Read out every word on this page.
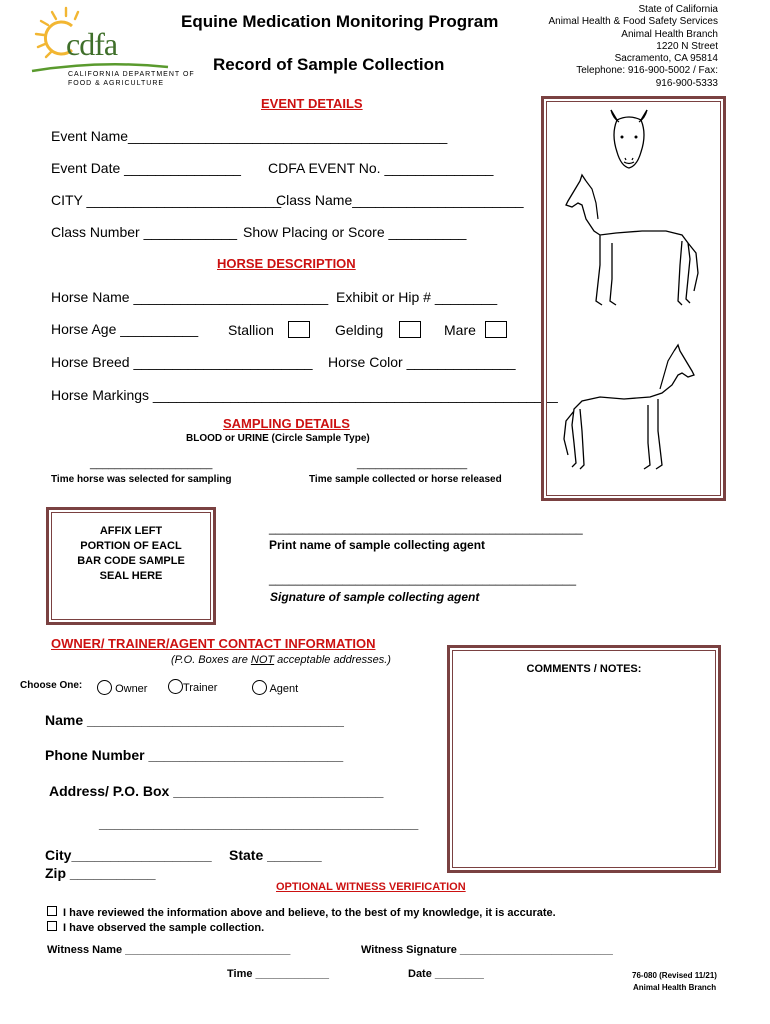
cdfa
CALIFORNIA DEPARTMENT OF
FOOD & AGRICULTURE
Equine Medication Monitoring Program
Record of Sample Collection
State of California
Animal Health & Food Safety Services
Animal Health Branch
1220 N Street
Sacramento, CA 95814
Telephone: 916-900-5002 / Fax:
916-900-5333
EVENT DETAILS
Event Name_________________________________________
Event Date _______________ CDFA EVENT No. ______________
CITY _________________________
Class Name______________________
Class Number ____________ Show Placing or Score __________
HORSE DESCRIPTION
Horse Name _________________________ Exhibit or Hip # ________
Horse Age __________ Stallion	Gelding	Mare
Horse Breed _______________________ Horse Color ______________
Horse Markings ____________________________________________________
SAMPLING DETAILS
BLOOD or URINE (Circle Sample Type)
____________________	__________________
Time horse was selected for sampling	Time sample collected or horse released
AFFIX LEFT
PORTION OF EACL
BAR CODE SAMPLE
SEAL HERE
_______________________________________________
Print name of sample collecting agent
______________________________________________
Signature of sample collecting agent
OWNER/ TRAINER/AGENT CONTACT INFORMATION
(P.O. Boxes are NOT acceptable addresses.)
COMMENTS / NOTES:
Choose One:	Owner	Trainer	Agent
Name _________________________________
Phone Number _________________________
Address/ P.O. Box ___________________________
_________________________________________
City__________________ State _______
Zip ___________
OPTIONAL WITNESS VERIFICATION
I have reviewed the information above and believe, to the best of my knowledge, it is accurate.
I have observed the sample collection.
Witness Name ___________________________	Witness Signature _________________________
Time ____________	Date ________	76-080 (Revised 11/21)
Animal Health Branch
